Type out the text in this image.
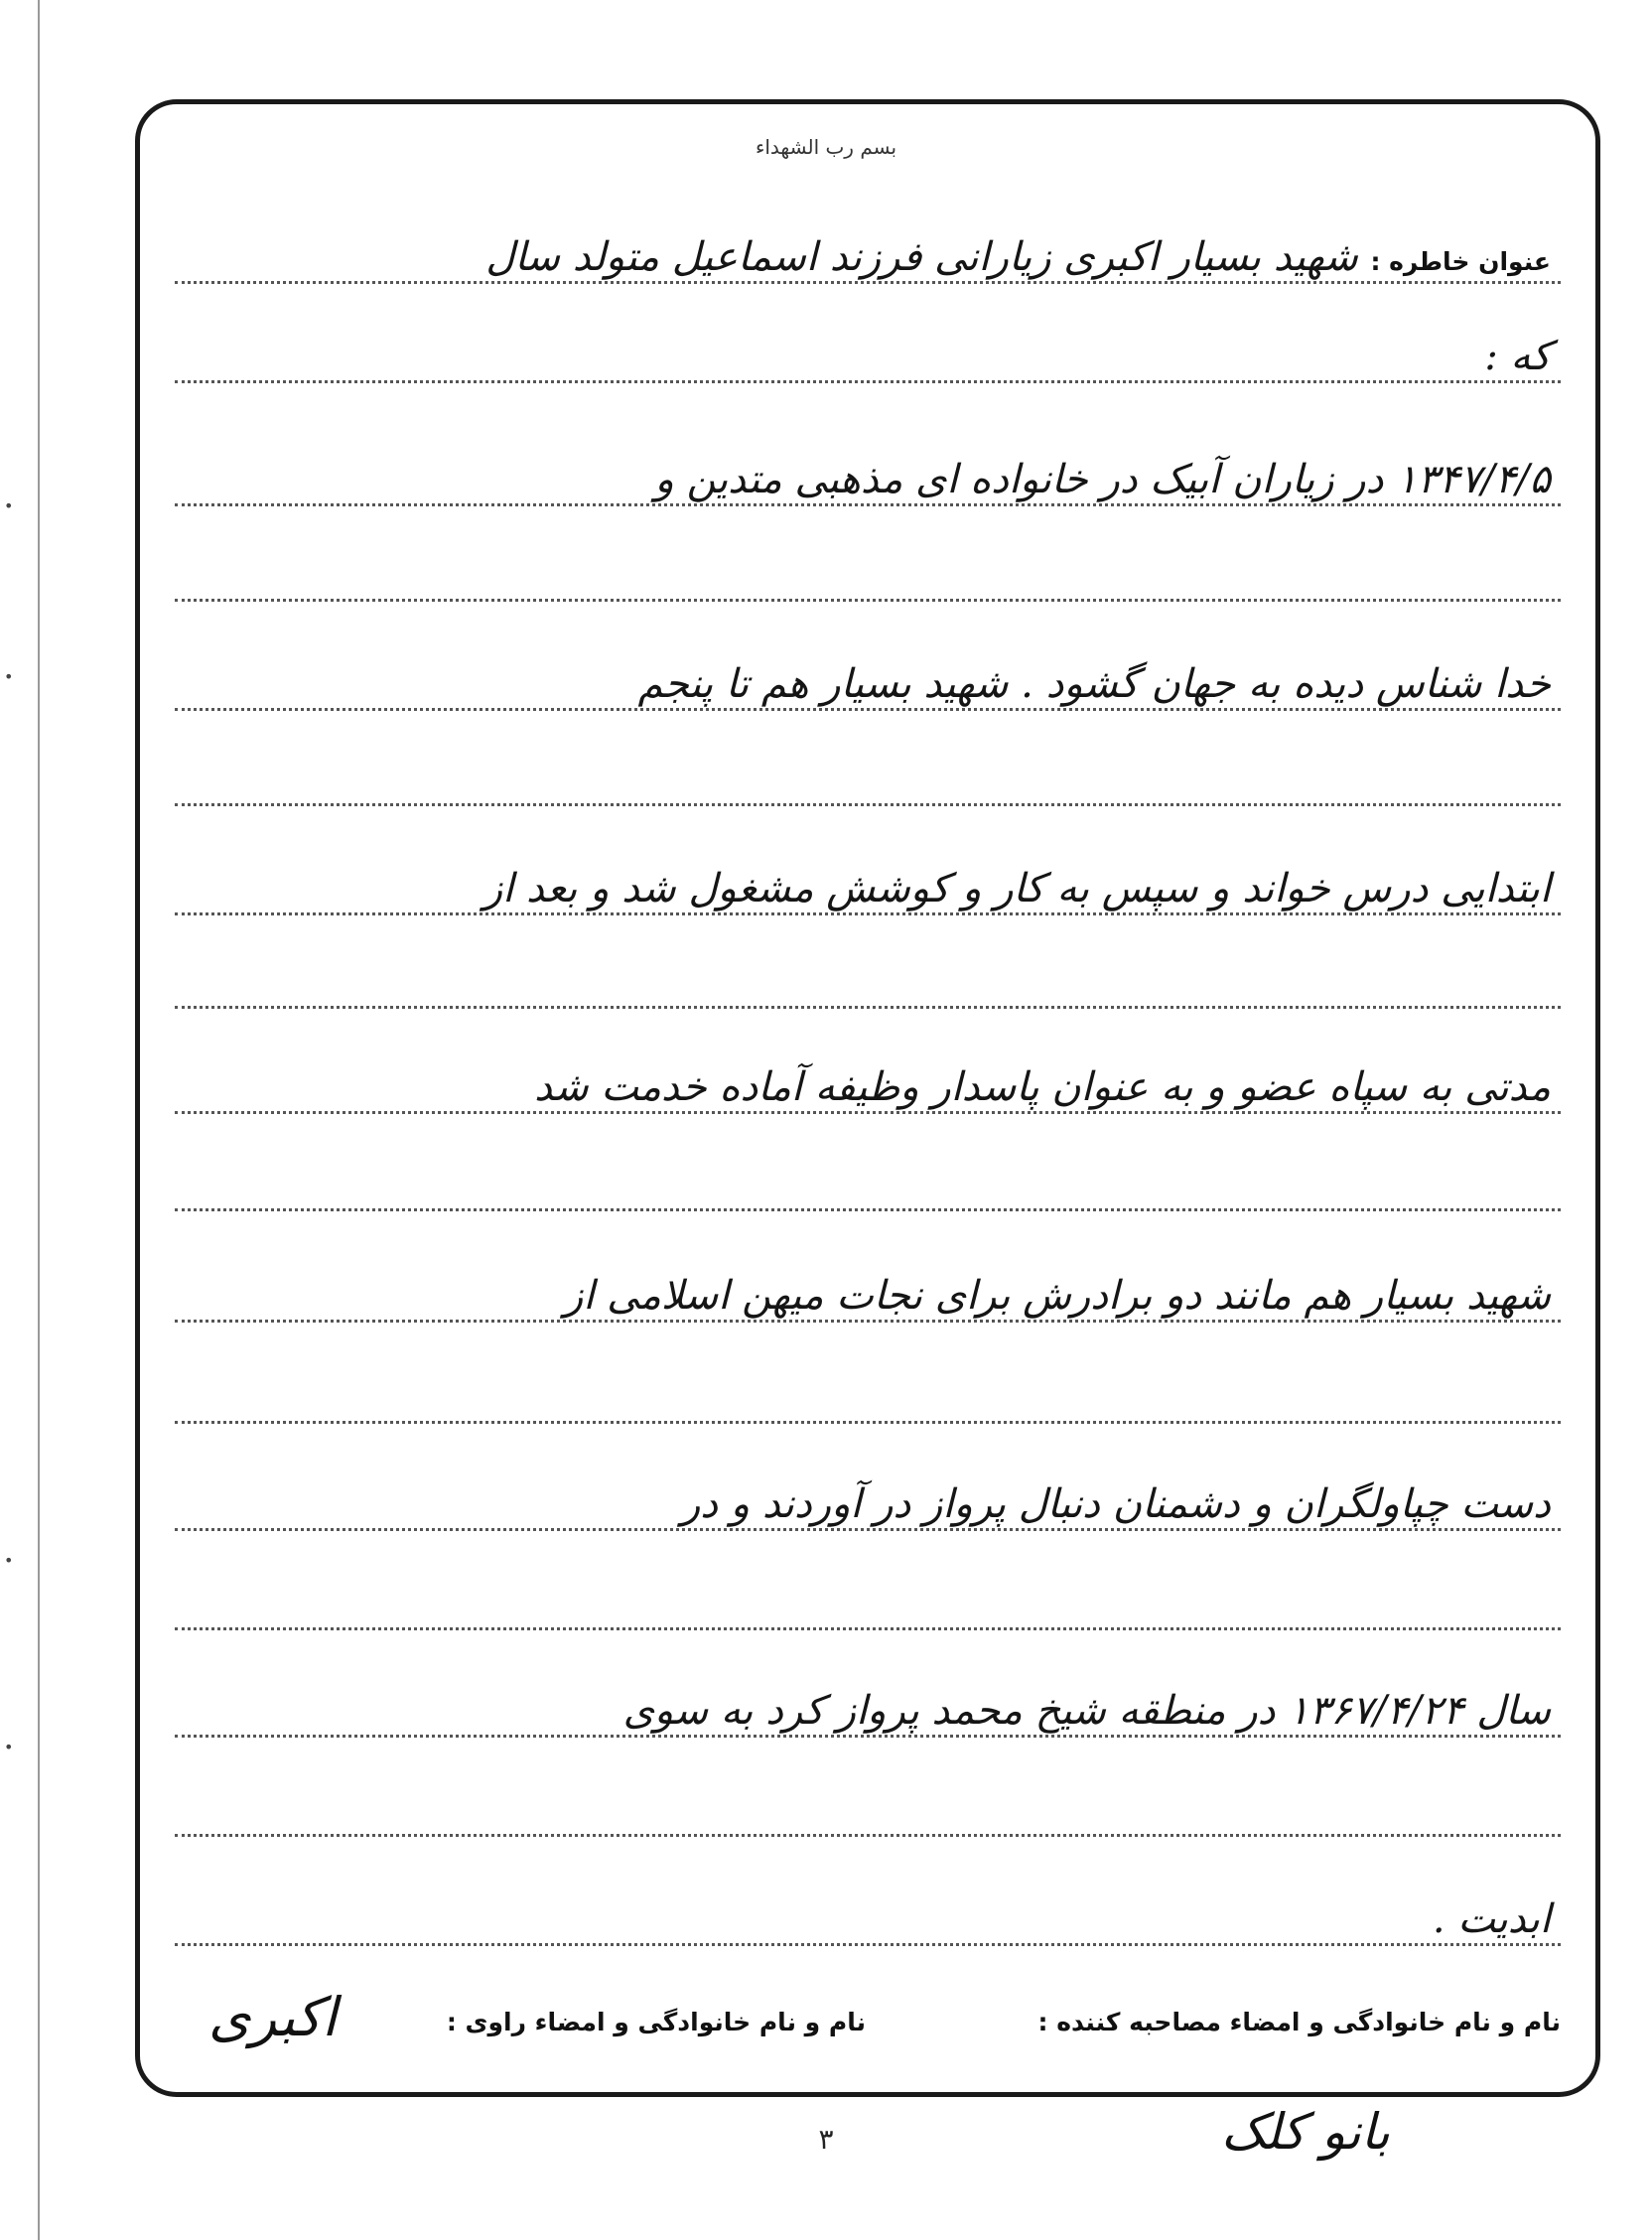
•
•
•
•
بسم رب الشهداء
عنوان خاطره : شهید بسیار اکبری زیارانی فرزند اسماعیل متولد سال
که :
۱۳۴۷/۴/۵ در زیاران آبیک در خانواده ای مذهبی متدین و
خدا شناس دیده به جهان گشود . شهید بسیار هم تا پنجم
ابتدایی درس خواند و سپس به کار و کوشش مشغول شد و بعد از
مدتی به سپاه عضو و به عنوان پاسدار وظیفه آماده خدمت شد
شهید بسیار هم مانند دو برادرش برای نجات میهن اسلامی از
دست چپاولگران و دشمنان دنبال پرواز در آوردند و در
سال ۱۳۶۷/۴/۲۴ در منطقه شیخ محمد پرواز کرد به سوی
ابدیت .
نام و نام خانوادگی و امضاء مصاحبه کننده :
نام و نام خانوادگی و امضاء راوی :
اکبری
بانو کلک
۳
